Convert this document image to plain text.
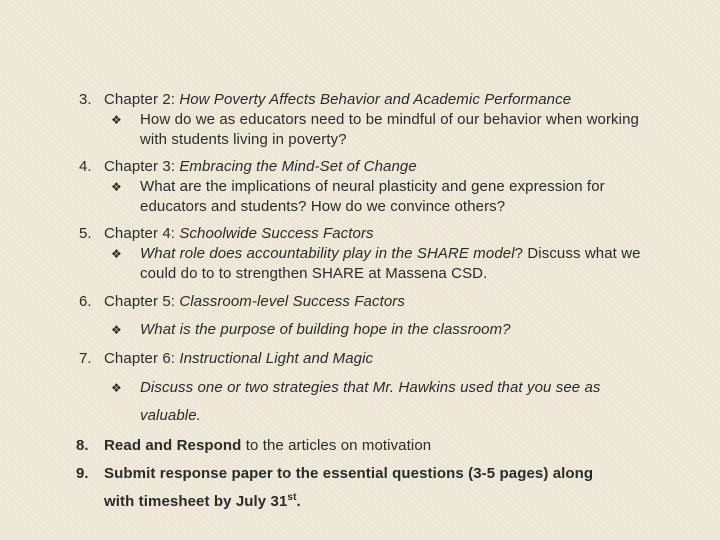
3. Chapter 2: How Poverty Affects Behavior and Academic Performance
❖ How do we as educators need to be mindful of our behavior when working
with students living in poverty?
4. Chapter 3: Embracing the Mind-Set of Change
❖ What are the implications of neural plasticity and gene expression for
educators and students? How do we convince others?
5. Chapter 4: Schoolwide Success Factors
❖ What role does accountability play in the SHARE model? Discuss what we
could do to to strengthen SHARE at Massena CSD.
6. Chapter 5: Classroom-level Success Factors
❖ What is the purpose of building hope in the classroom?
7. Chapter 6: Instructional Light and Magic
❖ Discuss one or two strategies that Mr. Hawkins used that you see as
valuable.
8. Read and Respond to the articles on motivation
9. Submit response paper to the essential questions (3-5 pages) along
with timesheet by July 31st.
